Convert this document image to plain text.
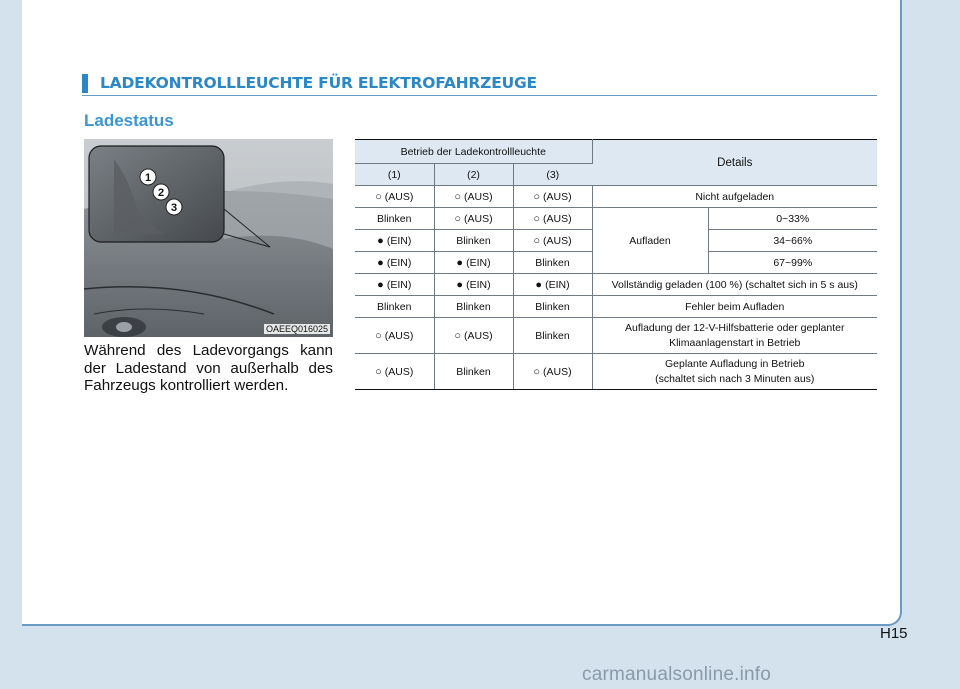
LADEKONTROLLLEUCHTE FÜR ELEKTROFAHRZEUGE
Ladestatus
1
2
3
OAEEQ016025
Während des Ladevorgangs kann der Ladestand von außerhalb des Fahrzeugs kontrolliert werden.
Betrieb der Ladekontrollleuchte			Details	
(1)	(2)	(3)		
○ (AUS)	○ (AUS)	○ (AUS)	Nicht aufgeladen	
Blinken	○ (AUS)	○ (AUS)	Aufladen	0~33%
● (EIN)	Blinken	○ (AUS)		34~66%
● (EIN)	● (EIN)	Blinken		67~99%
● (EIN)	● (EIN)	● (EIN)	Vollständig geladen (100 %) (schaltet sich in 5 s aus)	
Blinken	Blinken	Blinken	Fehler beim Aufladen	
○ (AUS)	○ (AUS)	Blinken	Aufladung der 12-V-Hilfsbatterie oder geplanter
Klimaanlagenstart in Betrieb	

○ (AUS)	Blinken	○ (AUS)	Geplante Aufladung in Betrieb
(schaltet sich nach 3 Minuten aus)	
H15
carmanualsonline.info
